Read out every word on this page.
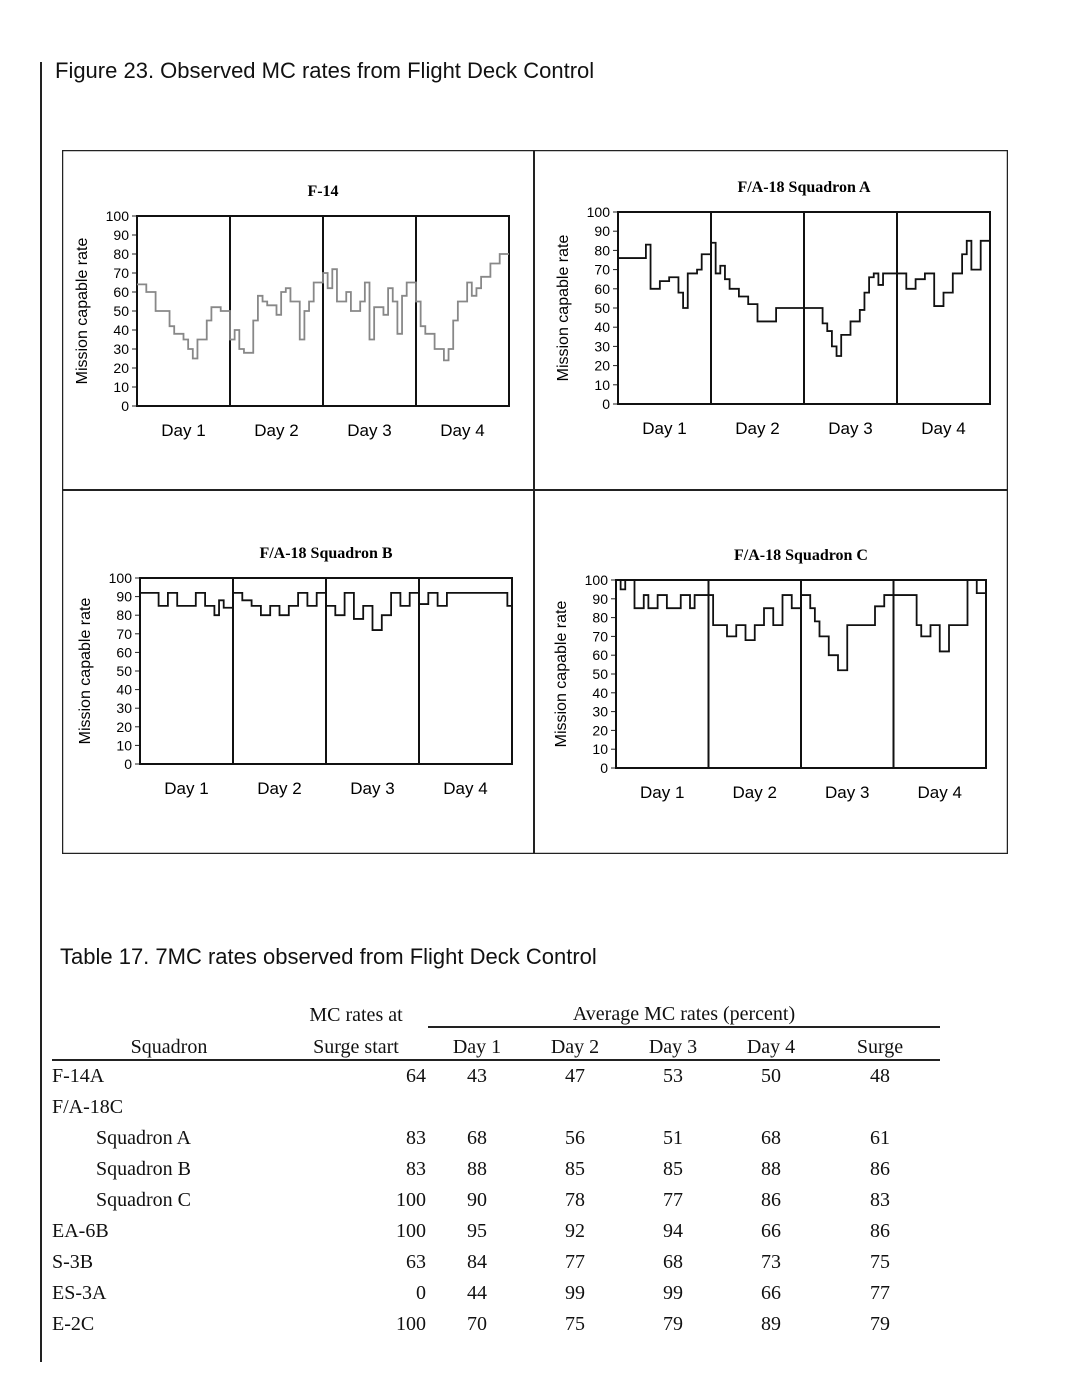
Figure 23. Observed MC rates from Flight Deck Control
F-14
Mission capable rate
0
10
20
30
40
50
60
70
80
90
100
Day 1	Day 2	Day 3	Day 4
F/A-18 Squadron A
Mission capable rate
0
10
20
30
40
50
60
70
80
90
100
Day 1	Day 2	Day 3	Day 4
F/A-18 Squadron B
Mission capable rate
0
10
20
30
40
50
60
70
80
90
100
Day 1	Day 2	Day 3	Day 4
F/A-18 Squadron C
Mission capable rate
0
10
20
30
40
50
60
70
80
90
100
Day 1	Day 2	Day 3	Day 4
Table 17. 7MC rates observed from Flight Deck Control
	MC rates at	Average MC rates (percent)				
Squadron	Surge start	Day 1	Day 2	Day 3	Day 4	Surge
F-14A	64	43	47	53	50	48
F/A-18C						
Squadron A	83	68	56	51	68	61
Squadron B	83	88	85	85	88	86
Squadron C	100	90	78	77	86	83
EA-6B	100	95	92	94	66	86
S-3B	63	84	77	68	73	75
ES-3A	0	44	99	99	66	77
E-2C	100	70	75	79	89	79
